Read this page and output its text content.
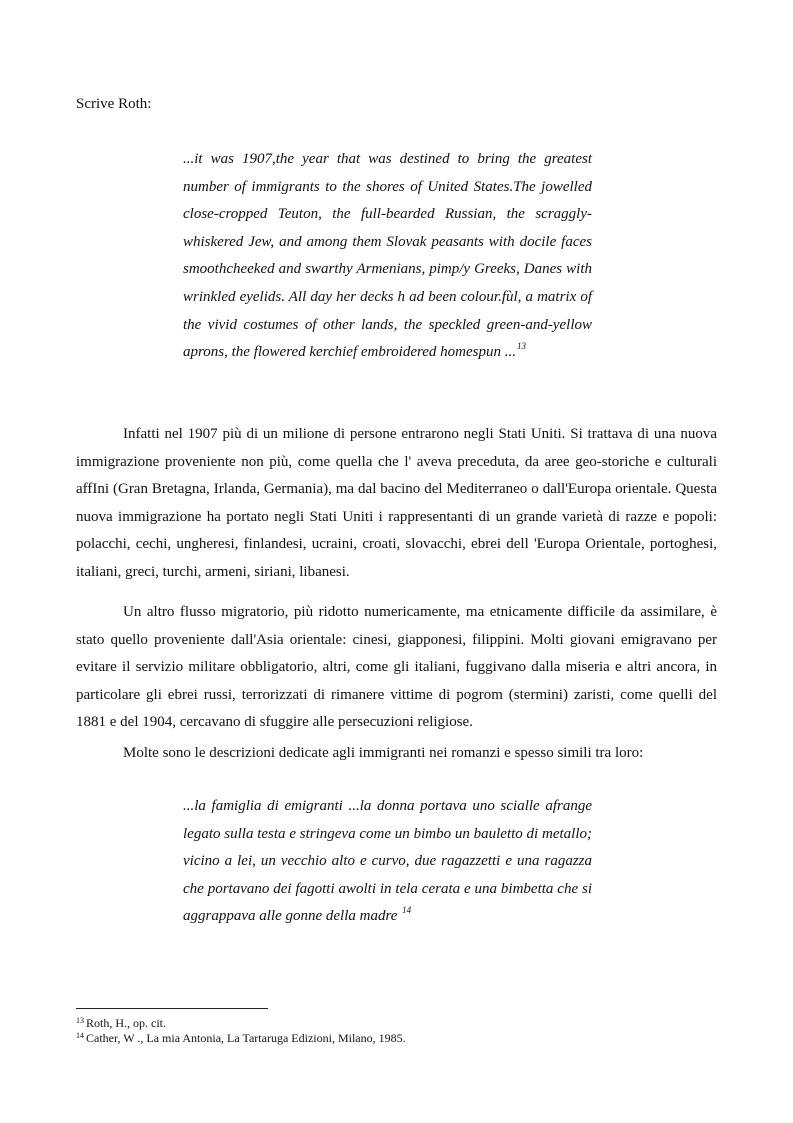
Scrive Roth:

...it was 1907,the year that was destined to bring the greatest number of immigrants to the shores of United States.The jowelled close-cropped Teuton, the full-bearded Russian, the scraggly-whiskered Jew, and among them Slovak peasants with docile faces smoothcheeked and swarthy Armenians, pimp/y Greeks, Danes with wrinkled eyelids. All day her decks h ad been colour.fùl, a matrix of the vivid costumes of other lands, the speckled green-and-yellow aprons, the flowered kerchief embroidered homespun ...$^{13}$

Infatti nel 1907 più di un milione di persone entrarono negli Stati Uniti. Si trattava di una nuova immigrazione proveniente non più, come quella che l' aveva preceduta, da aree geo-storiche e culturali affIni (Gran Bretagna, Irlanda, Germania), ma dal bacino del Mediterraneo o dall'Europa orientale. Questa nuova immigrazione ha portato negli Stati Uniti i rappresentanti di un grande varietà di razze e popoli: polacchi, cechi, ungheresi, finlandesi, ucraini, croati, slovacchi, ebrei dell 'Europa Orientale, portoghesi, italiani, greci, turchi, armeni, siriani, libanesi.

Un altro flusso migratorio, più ridotto numericamente, ma etnicamente difficile da assimilare, è stato quello proveniente dall'Asia orientale: cinesi, giapponesi, filippini. Molti giovani emigravano per evitare il servizio militare obbligatorio, altri, come gli italiani, fuggivano dalla miseria e altri ancora, in particolare gli ebrei russi, terrorizzati di rimanere vittime di pogrom (stermini) zaristi, come quelli del 1881 e del 1904, cercavano di sfuggire alle persecuzioni religiose.

Molte sono le descrizioni dedicate agli immigranti nei romanzi e spesso simili tra loro:

...la famiglia di emigranti ...la donna portava uno scialle afrange legato sulla testa e stringeva come un bimbo un bauletto di metallo; vicino a lei, un vecchio alto e curvo, due ragazzetti e una ragazza che portavano dei fagotti awolti in tela cerata e una bimbetta che si aggrappava alle gonne della madre $^{14}$

$^{13}$ Roth, H., op. cit.

$^{14}$ Cather, W ., La mia Antonia, La Tartaruga Edizioni, Milano, 1985.
